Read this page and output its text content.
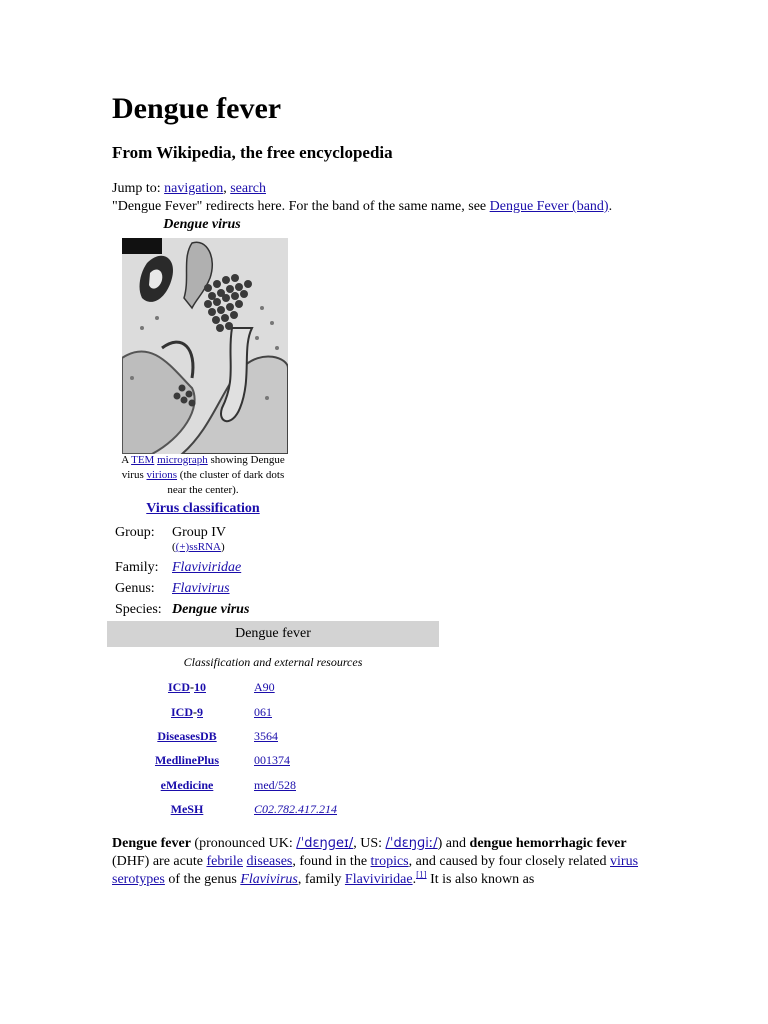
Dengue fever
From Wikipedia, the free encyclopedia
Jump to: navigation, search
"Dengue Fever" redirects here. For the band of the same name, see Dengue Fever (band).
Dengue virus
A TEM micrograph showing Dengue virus virions (the cluster of dark dots near the center).
Virus classification
Group: Group IV
((+)ssRNA)
Family: Flaviviridae
Genus: Flavivirus
Species: Dengue virus
Dengue fever
Classification and external resources
ICD-10	A90
ICD-9	061
DiseasesDB	3564
MedlinePlus	001374
eMedicine	med/528
MeSH	C02.782.417.214

Dengue fever (pronounced UK: /ˈdɛŋɡeɪ/, US: /ˈdɛŋɡiː/) and dengue hemorrhagic fever (DHF) are acute febrile diseases, found in the tropics, and caused by four closely related virus serotypes of the genus Flavivirus, family Flaviviridae.[1] It is also known as
